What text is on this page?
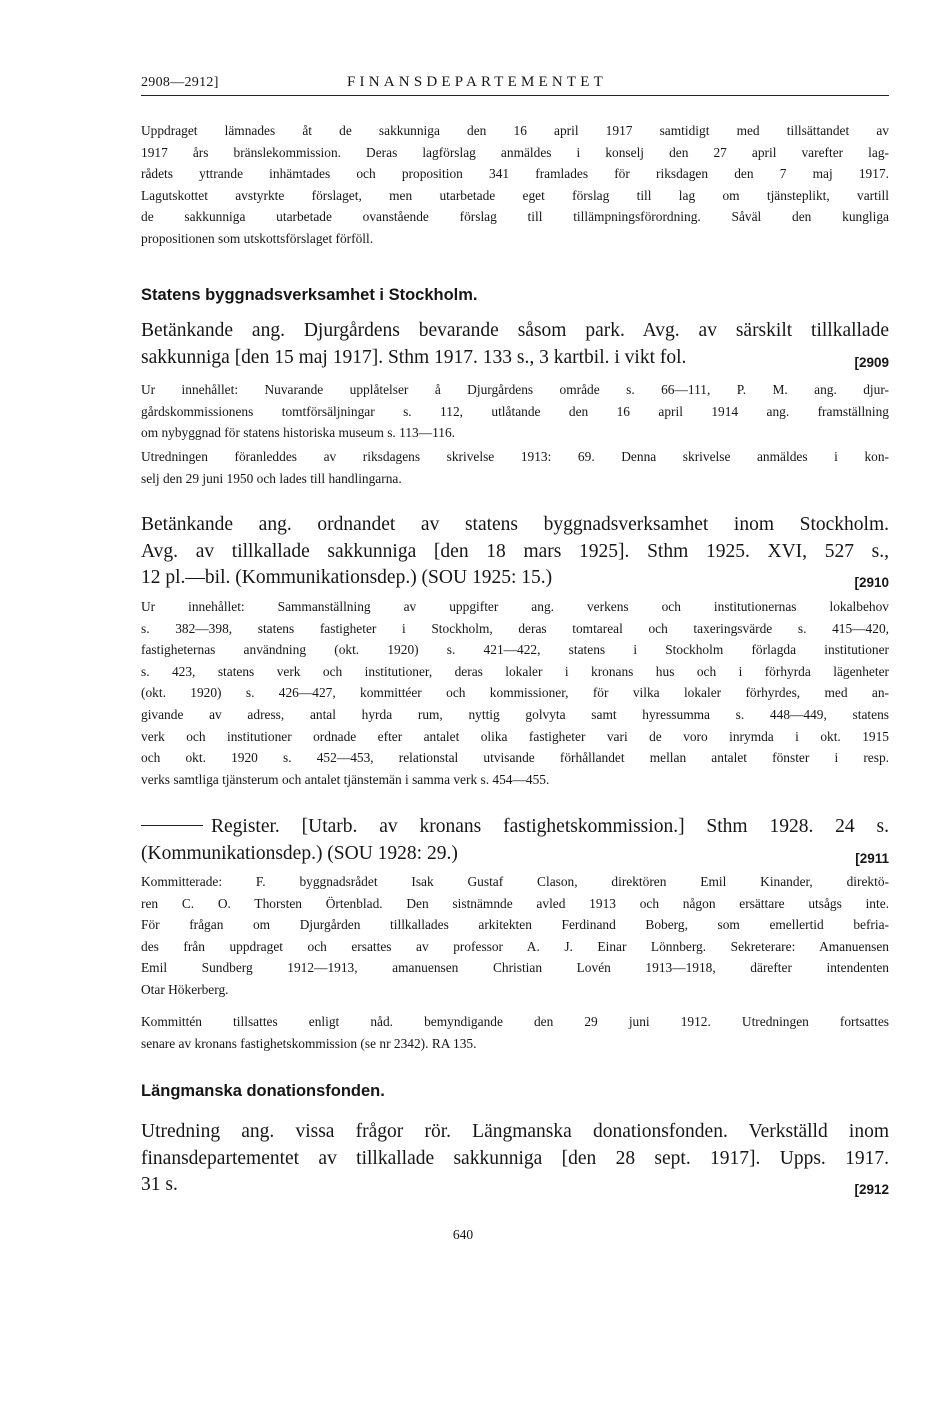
2908—2912]	FINANSDEPARTEMENTET
Uppdraget lämnades åt de sakkunniga den 16 april 1917 samtidigt med tillsättandet av
1917 års bränslekommission. Deras lagförslag anmäldes i konselj den 27 april varefter lag-
rådets yttrande inhämtades och proposition 341 framlades för riksdagen den 7 maj 1917.
Lagutskottet avstyrkte förslaget, men utarbetade eget förslag till lag om tjänsteplikt, vartill
de sakkunniga utarbetade ovanstående förslag till tillämpningsförordning. Såväl den kungliga
propositionen som utskottsförslaget förföll.
Statens byggnadsverksamhet i Stockholm.
Betänkande ang. Djurgårdens bevarande såsom park. Avg. av särskilt tillkallade
sakkunniga [den 15 maj 1917]. Sthm 1917. 133 s., 3 kartbil. i vikt fol.	[2909
Ur innehållet: Nuvarande upplåtelser å Djurgårdens område s. 66—111, P. M. ang. djur-
gårdskommissionens tomtförsäljningar s. 112, utlåtande den 16 april 1914 ang. framställning
om nybyggnad för statens historiska museum s. 113—116.
Utredningen föranleddes av riksdagens skrivelse 1913: 69. Denna skrivelse anmäldes i kon-
selj den 29 juni 1950 och lades till handlingarna.
Betänkande ang. ordnandet av statens byggnadsverksamhet inom Stockholm.
Avg. av tillkallade sakkunniga [den 18 mars 1925]. Sthm 1925. XVI, 527 s.,
12 pl.—bil. (Kommunikationsdep.) (SOU 1925: 15.)	[2910
Ur innehållet: Sammanställning av uppgifter ang. verkens och institutionernas lokalbehov
s. 382—398, statens fastigheter i Stockholm, deras tomtareal och taxeringsvärde s. 415—420,
fastigheternas användning (okt. 1920) s. 421—422, statens i Stockholm förlagda institutioner
s. 423, statens verk och institutioner, deras lokaler i kronans hus och i förhyrda lägenheter
(okt. 1920) s. 426—427, kommittéer och kommissioner, för vilka lokaler förhyrdes, med an-
givande av adress, antal hyrda rum, nyttig golvyta samt hyressumma s. 448—449, statens
verk och institutioner ordnade efter antalet olika fastigheter vari de voro inrymda i okt. 1915
och okt. 1920 s. 452—453, relationstal utvisande förhållandet mellan antalet fönster i resp.
verks samtliga tjänsterum och antalet tjänstemän i samma verk s. 454—455.
Register. [Utarb. av kronans fastighetskommission.] Sthm 1928. 24 s.
(Kommunikationsdep.) (SOU 1928: 29.)	[2911
Kommitterade: F. byggnadsrådet Isak Gustaf Clason, direktören Emil Kinander, direktö-
ren C. O. Thorsten Örtenblad. Den sistnämnde avled 1913 och någon ersättare utsågs inte.
För frågan om Djurgården tillkallades arkitekten Ferdinand Boberg, som emellertid befria-
des från uppdraget och ersattes av professor A. J. Einar Lönnberg. Sekreterare: Amanuensen
Emil Sundberg 1912—1913, amanuensen Christian Lovén 1913—1918, därefter intendenten
Otar Hökerberg.
Kommittén tillsattes enligt nåd. bemyndigande den 29 juni 1912. Utredningen fortsattes
senare av kronans fastighetskommission (se nr 2342). RA 135.
Längmanska donationsfonden.
Utredning ang. vissa frågor rör. Längmanska donationsfonden. Verkställd inom
finansdepartementet av tillkallade sakkunniga [den 28 sept. 1917]. Upps. 1917.
31 s.	[2912
640
